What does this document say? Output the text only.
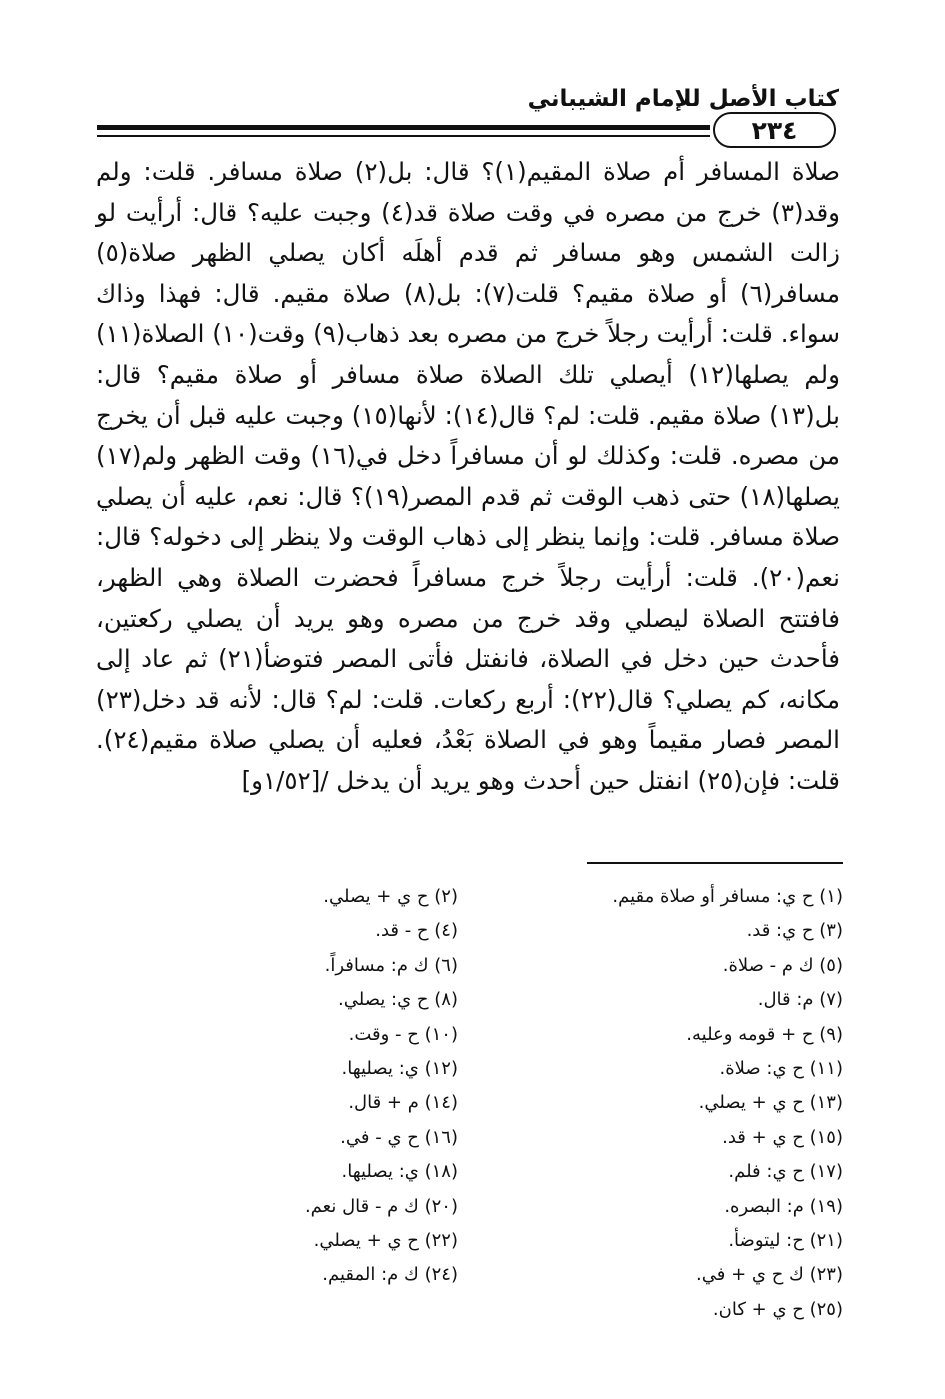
كتاب الأصل للإمام الشيباني
٢٣٤
صلاة المسافر أم صلاة المقيم(١)؟ قال: بل(٢) صلاة مسافر. قلت: ولم وقد(٣) خرج من مصره في وقت صلاة قد(٤) وجبت عليه؟ قال: أرأيت لو زالت الشمس وهو مسافر ثم قدم أهلَه أكان يصلي الظهر صلاة(٥) مسافر(٦) أو صلاة مقيم؟ قلت(٧): بل(٨) صلاة مقيم. قال: فهذا وذاك سواء. قلت: أرأيت رجلاً خرج من مصره بعد ذهاب(٩) وقت(١٠) الصلاة(١١) ولم يصلها(١٢) أيصلي تلك الصلاة صلاة مسافر أو صلاة مقيم؟ قال: بل(١٣) صلاة مقيم. قلت: لم؟ قال(١٤): لأنها(١٥) وجبت عليه قبل أن يخرج من مصره. قلت: وكذلك لو أن مسافراً دخل في(١٦) وقت الظهر ولم(١٧) يصلها(١٨) حتى ذهب الوقت ثم قدم المصر(١٩)؟ قال: نعم، عليه أن يصلي صلاة مسافر. قلت: وإنما ينظر إلى ذهاب الوقت ولا ينظر إلى دخوله؟ قال: نعم(٢٠). قلت: أرأيت رجلاً خرج مسافراً فحضرت الصلاة وهي الظهر، فافتتح الصلاة ليصلي وقد خرج من مصره وهو يريد أن يصلي ركعتين، فأحدث حين دخل في الصلاة، فانفتل فأتى المصر فتوضأ(٢١) ثم عاد إلى مكانه، كم يصلي؟ قال(٢٢): أربع ركعات. قلت: لم؟ قال: لأنه قد دخل(٢٣) المصر فصار مقيماً وهو في الصلاة بَعْدُ، فعليه أن يصلي صلاة مقيم(٢٤). قلت: فإن(٢٥) انفتل حين أحدث وهو يريد أن يدخل /[١/٥٢و]
(١) ح ي: مسافر أو صلاة مقيم.
(٣) ح ي: قد.
(٥) ك م - صلاة.
(٧) م: قال.
(٩) ح + قومه وعليه.
(١١) ح ي: صلاة.
(١٣) ح ي + يصلي.
(١٥) ح ي + قد.
(١٧) ح ي: فلم.
(١٩) م: البصره.
(٢١) ح: ليتوضأ.
(٢٣) ك ح ي + في.
(٢٥) ح ي + كان.
(٢) ح ي + يصلي.
(٤) ح - قد.
(٦) ك م: مسافراً.
(٨) ح ي: يصلي.
(١٠) ح - وقت.
(١٢) ي: يصليها.
(١٤) م + قال.
(١٦) ح ي - في.
(١٨) ي: يصليها.
(٢٠) ك م - قال نعم.
(٢٢) ح ي + يصلي.
(٢٤) ك م: المقيم.
